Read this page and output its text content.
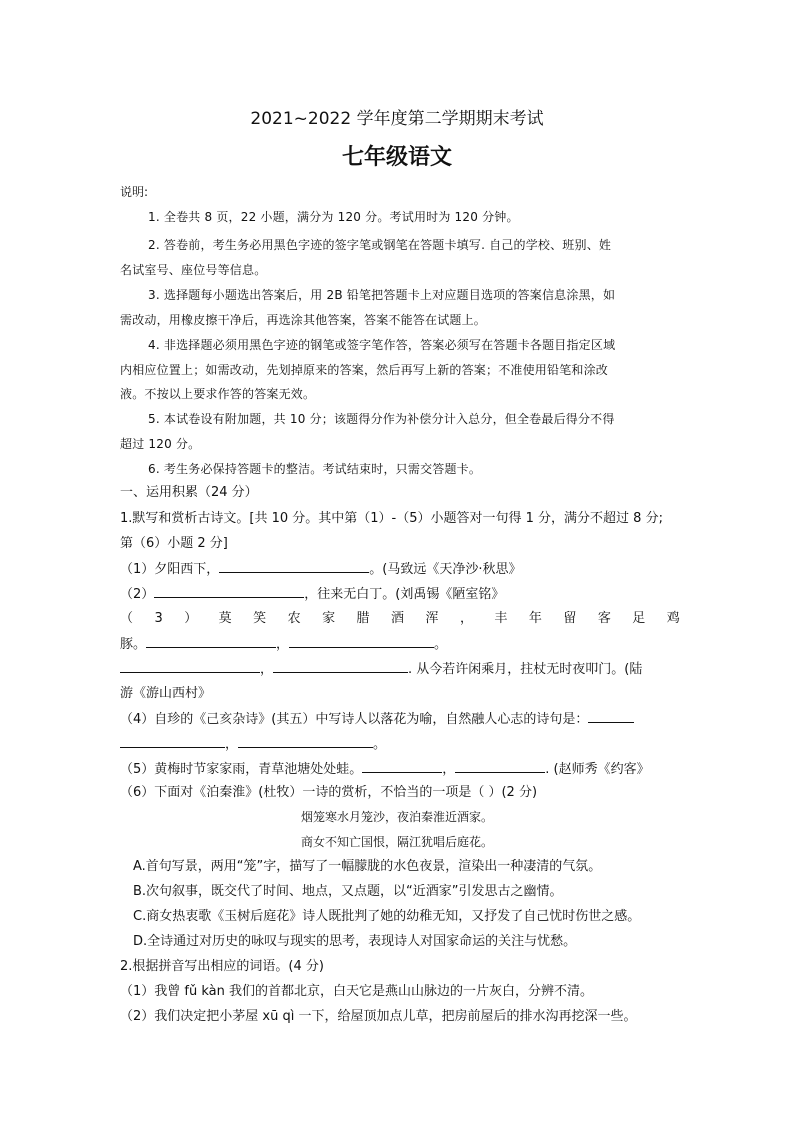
2021~2022 学年度第二学期期末考试
七年级语文
说明:
1. 全卷共 8 页，22 小题，满分为 120 分。考试用时为 120 分钟。
2. 答卷前，考生务必用黑色字迹的签字笔或钢笔在答题卡填写. 自己的学校、班别、姓
名试室号、座位号等信息。
3. 选择题每小题选出答案后，用 2B 铅笔把答题卡上对应题目选项的答案信息涂黑，如
需改动，用橡皮擦干净后，再选涂其他答案，答案不能答在试题上。
4. 非选择题必须用黑色字迹的钢笔或签字笔作答，答案必须写在答题卡各题目指定区域
内相应位置上；如需改动，先划掉原来的答案，然后再写上新的答案；不准使用铅笔和涂改
液。不按以上要求作答的答案无效。
5. 本试卷设有附加题，共 10 分；该题得分作为补偿分计入总分，但全卷最后得分不得
超过 120 分。
6. 考生务必保持答题卡的整洁。考试结束时，只需交答题卡。
一、运用积累（24 分）
1.默写和赏析古诗文。[共 10 分。其中第（1）-（5）小题答对一句得 1 分，满分不超过 8 分;
第（6）小题 2 分]
（1）夕阳西下，	。(马致远《天净沙·秋思》
（2）	，往来无白丁。(刘禹锡《陋室铭》
（ 3 ） 莫 笑 农 家 腊 酒 浑 ， 丰 年 留 客 足 鸡
豚。	，	。
，	. 从今若许闲乘月，拄杖无时夜叩门。(陆
游《游山西村》
（4）自珍的《己亥杂诗》(其五）中写诗人以落花为喻，自然融人心志的诗句是：
，	。
（5）黄梅时节家家雨，青草池塘处处蛙。	，	. (赵师秀《约客》
（6）下面对《泊秦淮》(杜牧）一诗的赏析，不恰当的一项是（ ）(2 分)
烟笼寒水月笼沙，夜泊秦淮近酒家。
商女不知亡国恨，隔江犹唱后庭花。
A.首句写景，两用“笼”字，描写了一幅朦胧的水色夜景，渲染出一种凄清的气氛。
B.次句叙事，既交代了时间、地点，又点题，以“近酒家”引发思古之幽情。
C.商女热衷歌《玉树后庭花》诗人既批判了她的幼稚无知，又抒发了自己忧时伤世之感。
D.全诗通过对历史的咏叹与现实的思考，表现诗人对国家命运的关注与忧愁。
2.根据拼音写出相应的词语。(4 分)
（1）我曾 fǔ kàn 我们的首都北京，白天它是燕山山脉边的一片灰白，分辨不清。
（2）我们决定把小茅屋 xū qì 一下，给屋顶加点儿草，把房前屋后的排水沟再挖深一些。
